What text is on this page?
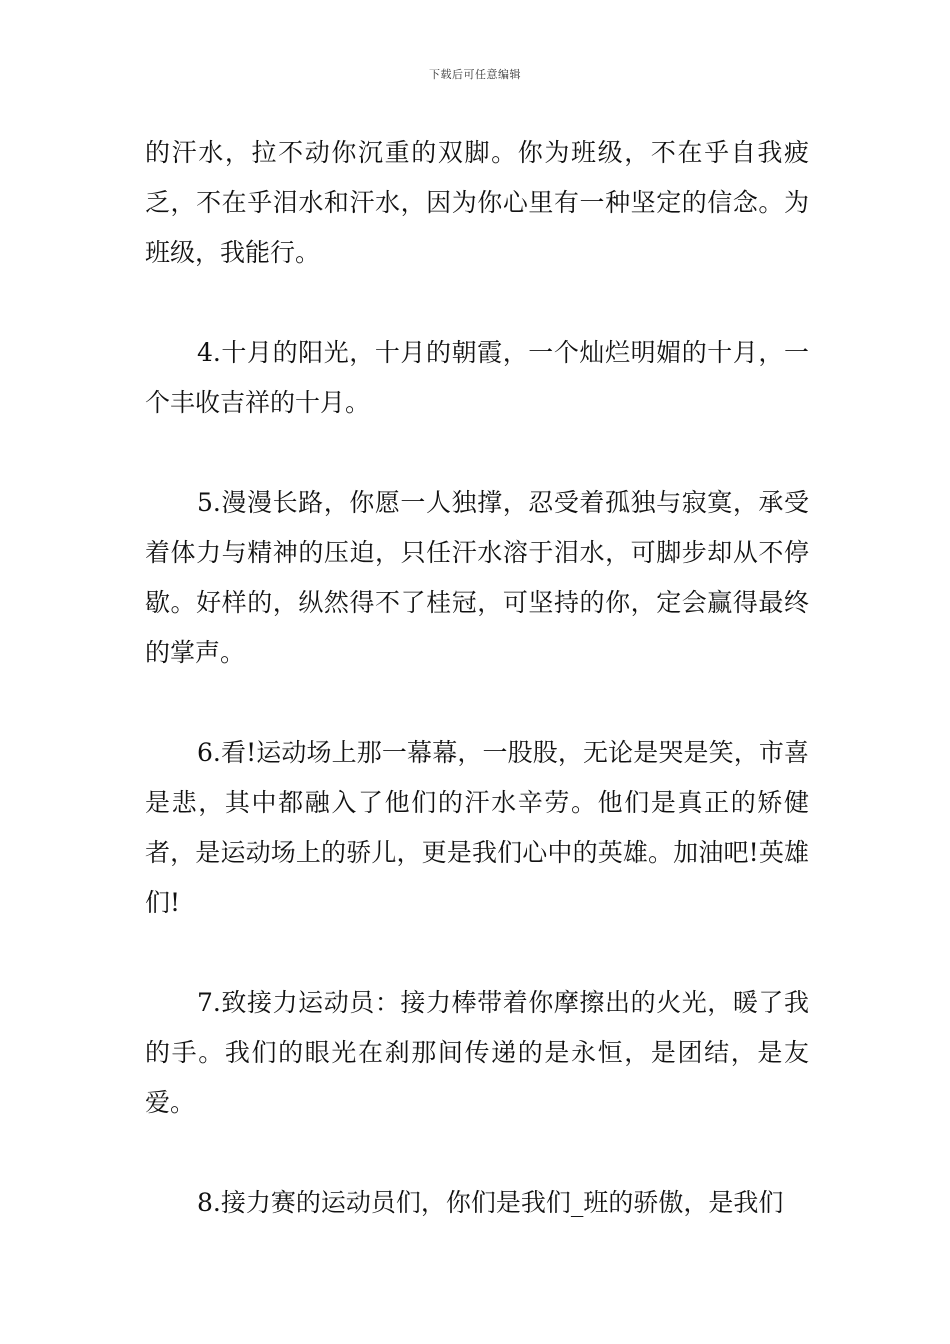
下载后可任意编辑

的汗水，拉不动你沉重的双脚。你为班级，不在乎自我疲乏，不在乎泪水和汗水，因为你心里有一种坚定的信念。为班级，我能行。

4.十月的阳光，十月的朝霞，一个灿烂明媚的十月，一个丰收吉祥的十月。

5.漫漫长路，你愿一人独撑，忍受着孤独与寂寞，承受着体力与精神的压迫，只任汗水溶于泪水，可脚步却从不停歇。好样的，纵然得不了桂冠，可坚持的你，定会赢得最终的掌声。

6.看!运动场上那一幕幕，一股股，无论是哭是笑，市喜是悲，其中都融入了他们的汗水辛劳。他们是真正的矫健者，是运动场上的骄儿，更是我们心中的英雄。加油吧!英雄们!

7.致接力运动员：接力棒带着你摩擦出的火光，暖了我的手。我们的眼光在刹那间传递的是永恒，是团结，是友爱。

8.接力赛的运动员们，你们是我们_班的骄傲，是我们
